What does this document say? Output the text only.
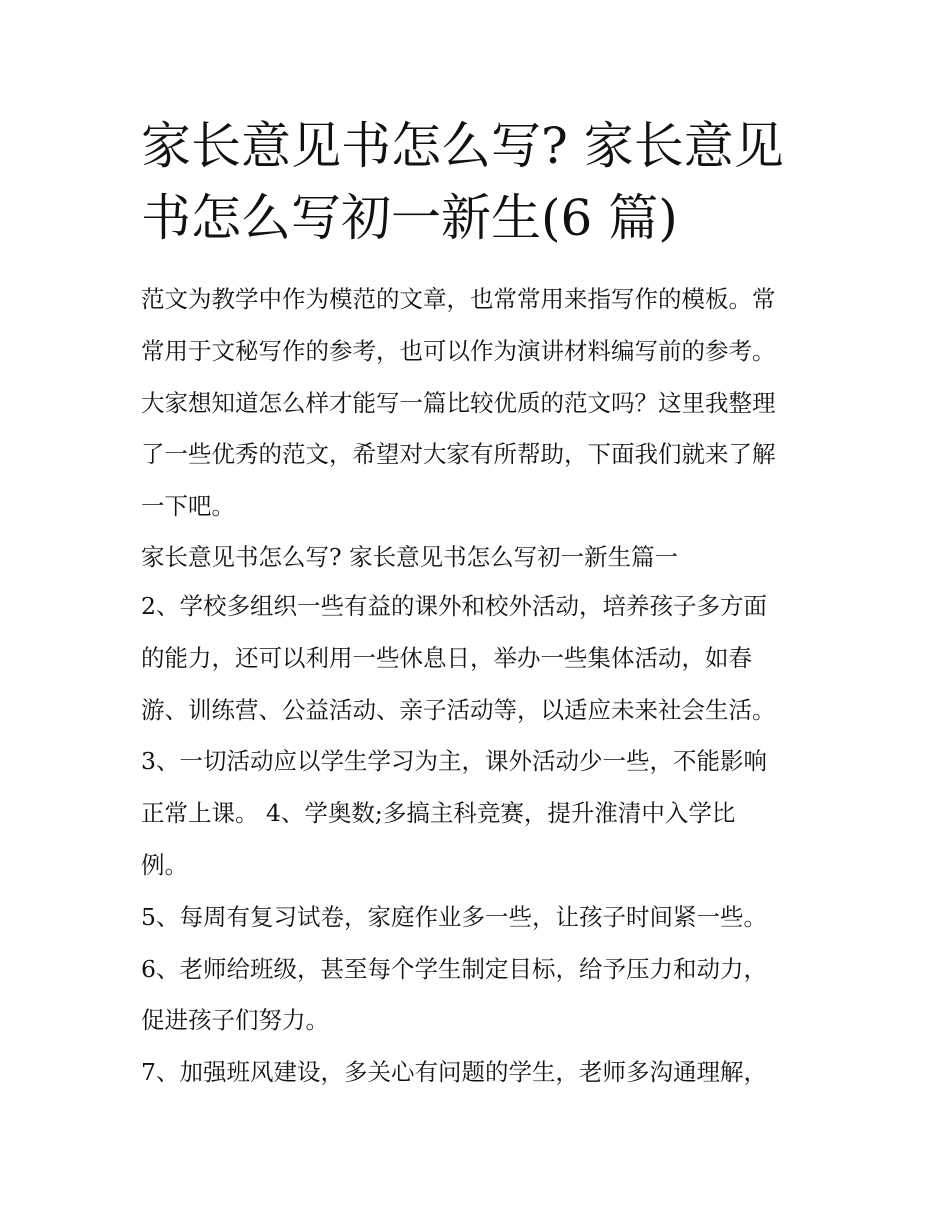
家长意见书怎么写? 家长意见
书怎么写初一新生(6 篇)
范文为教学中作为模范的文章，也常常用来指写作的模板。常
常用于文秘写作的参考，也可以作为演讲材料编写前的参考。
大家想知道怎么样才能写一篇比较优质的范文吗？这里我整理
了一些优秀的范文，希望对大家有所帮助，下面我们就来了解
一下吧。
家长意见书怎么写? 家长意见书怎么写初一新生篇一
2、学校多组织一些有益的课外和校外活动，培养孩子多方面
的能力，还可以利用一些休息日，举办一些集体活动，如春
游、训练营、公益活动、亲子活动等，以适应未来社会生活。
3、一切活动应以学生学习为主，课外活动少一些，不能影响
正常上课。 4、学奥数;多搞主科竞赛，提升淮清中入学比
例。
5、每周有复习试卷，家庭作业多一些，让孩子时间紧一些。
6、老师给班级，甚至每个学生制定目标，给予压力和动力，
促进孩子们努力。
7、加强班风建设，多关心有问题的学生，老师多沟通理解，
